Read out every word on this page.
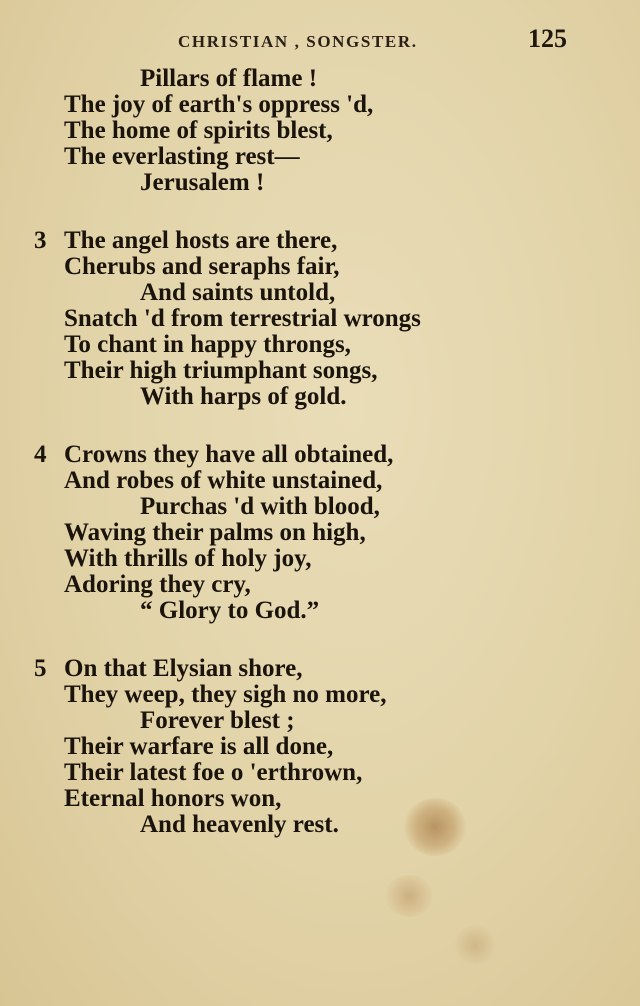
CHRISTIAN , SONGSTER.	125
Pillars of flame !
The joy of earth's oppress 'd,
The home of spirits blest,
The everlasting rest—
Jerusalem !
3 The angel hosts are there,
Cherubs and seraphs fair,
And saints untold,
Snatch 'd from terrestrial wrongs
To chant in happy throngs,
Their high triumphant songs,
With harps of gold.
4 Crowns they have all obtained,
And robes of white unstained,
Purchas 'd with blood,
Waving their palms on high,
With thrills of holy joy,
Adoring they cry,
“ Glory to God.”
5 On that Elysian shore,
They weep, they sigh no more,
Forever blest ;
Their warfare is all done,
Their latest foe o 'erthrown,
Eternal honors won,
And heavenly rest.
